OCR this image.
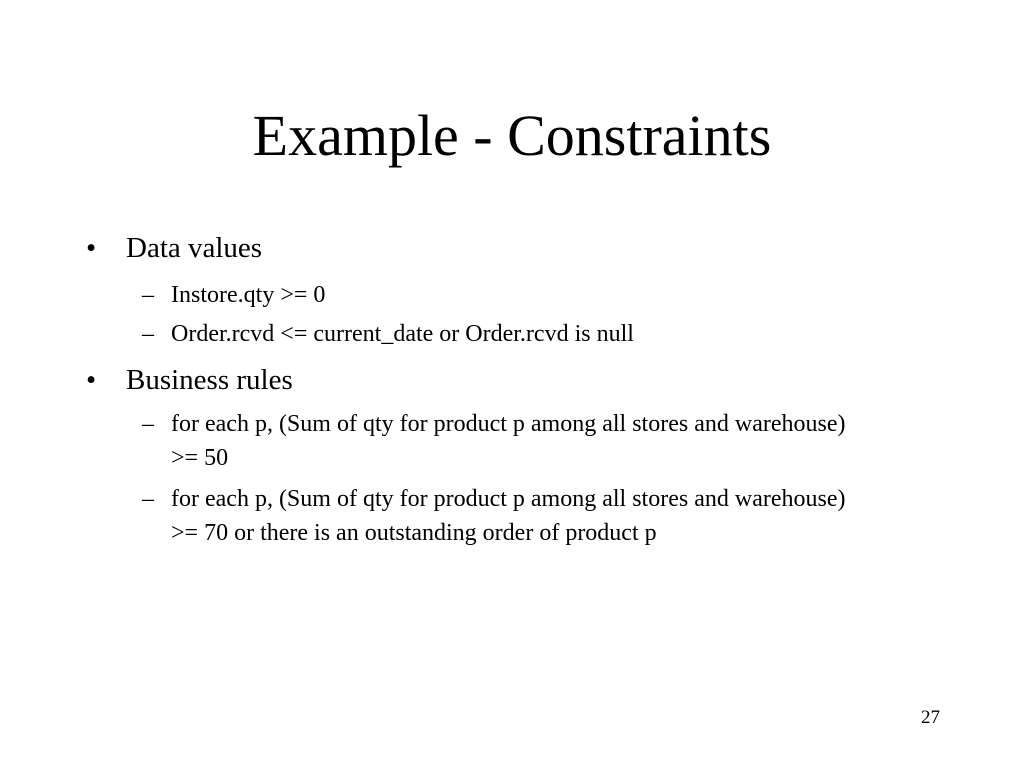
Example - Constraints
•	Data values
– Instore.qty >= 0
– Order.rcvd <= current_date or Order.rcvd is null
•	Business rules
– for each p, (Sum of qty for product p among all stores and warehouse) >= 50
– for each p, (Sum of qty for product p among all stores and warehouse) >= 70 or there is an outstanding order of product p
27
